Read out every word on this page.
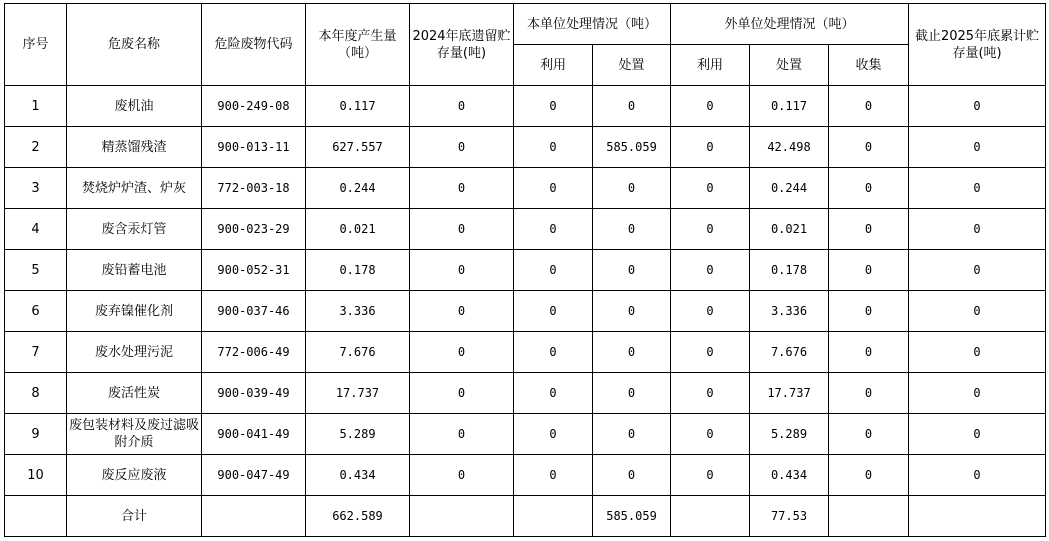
序号	危废名称	危险废物代码	本年度产生量（吨）	2024年底遗留贮存量(吨)	本单位处理情况（吨）		外单位处理情况（吨）			截止2025年底累计贮存量(吨)
					利用	处置	利用	处置	收集	
1	废机油	900-249-08	0.117	0	0	0	0	0.117	0	0
2	精蒸馏残渣	900-013-11	627.557	0	0	585.059	0	42.498	0	0
3	焚烧炉炉渣、炉灰	772-003-18	0.244	0	0	0	0	0.244	0	0
4	废含汞灯管	900-023-29	0.021	0	0	0	0	0.021	0	0
5	废铅蓄电池	900-052-31	0.178	0	0	0	0	0.178	0	0
6	废弃镍催化剂	900-037-46	3.336	0	0	0	0	3.336	0	0
7	废水处理污泥	772-006-49	7.676	0	0	0	0	7.676	0	0
8	废活性炭	900-039-49	17.737	0	0	0	0	17.737	0	0
9	废包装材料及废过滤吸附介质	900-041-49	5.289	0	0	0	0	5.289	0	0
10	废反应废液	900-047-49	0.434	0	0	0	0	0.434	0	0
	合计		662.589			585.059		77.53		
